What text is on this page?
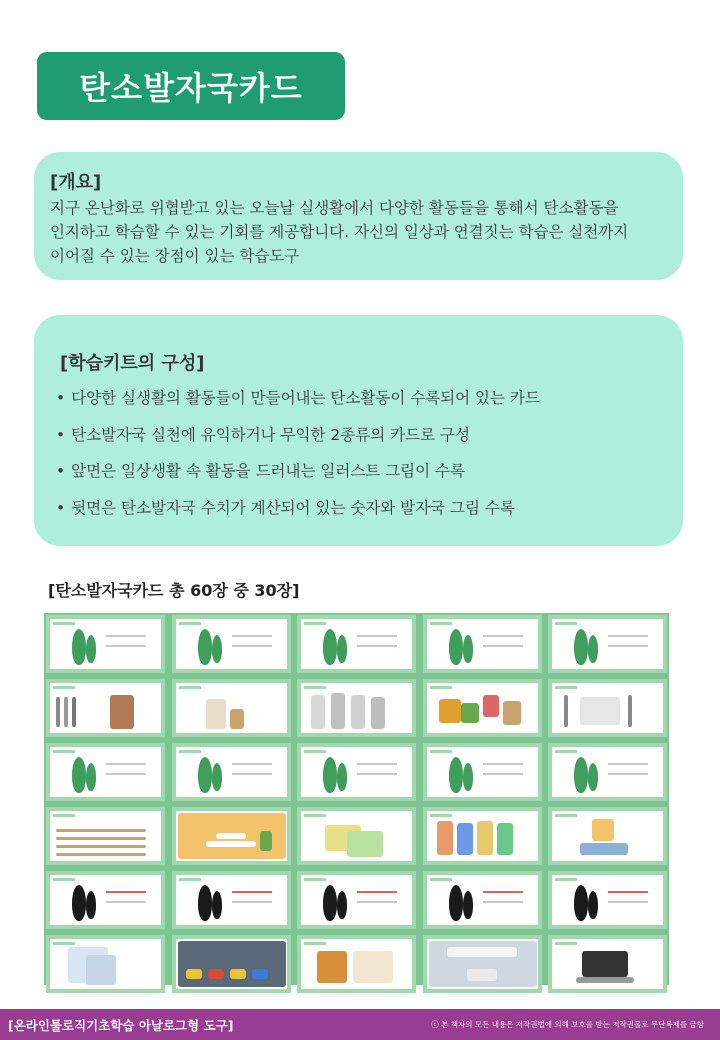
탄소발자국카드
[개요]
지구 온난화로 위협받고 있는 오늘날 실생활에서 다양한 활동들을 통해서 탄소활동을
인지하고 학습할 수 있는 기회를 제공합니다. 자신의 일상과 연결짓는 학습은 실천까지
이어질 수 있는 장점이 있는 학습도구
[학습키트의 구성]
• 다양한 실생활의 활동들이 만들어내는 탄소활동이 수록되어 있는 카드
• 탄소발자국 실천에 유익하거나 무익한 2종류의 카드로 구성
• 앞면은 일상생활 속 활동을 드러내는 일러스트 그림이 수록
• 뒷면은 탄소발자국 수치가 계산되어 있는 숫자와 발자국 그림 수록
[탄소발자국카드 총 60장 중 30장]
[온라인툴로직기초학습 아날로그형 도구]	ⓒ 본 책자의 모든 내용은 저작권법에 의해 보호를 받는 저작권물로 무단복제를 금함
